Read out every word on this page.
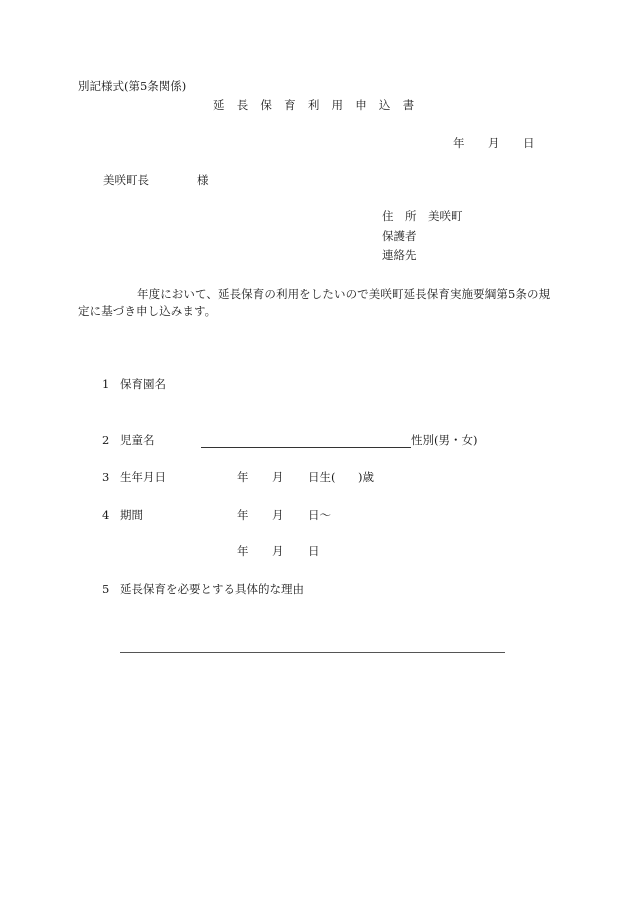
別記様式(第5条関係)
延長保育利用申込書
年 月 日
美咲町長	様
住　所 美咲町
保護者
連絡先
年度において、延長保育の利用をしたいので美咲町延長保育実施要綱第5条の規
定に基づき申し込みます。
1 保育園名
2 児童名	性別(男・女)
3 生年月日	年 月 日生( )歳
4 期間	年 月 日～
年 月 日
5 延長保育を必要とする具体的な理由
